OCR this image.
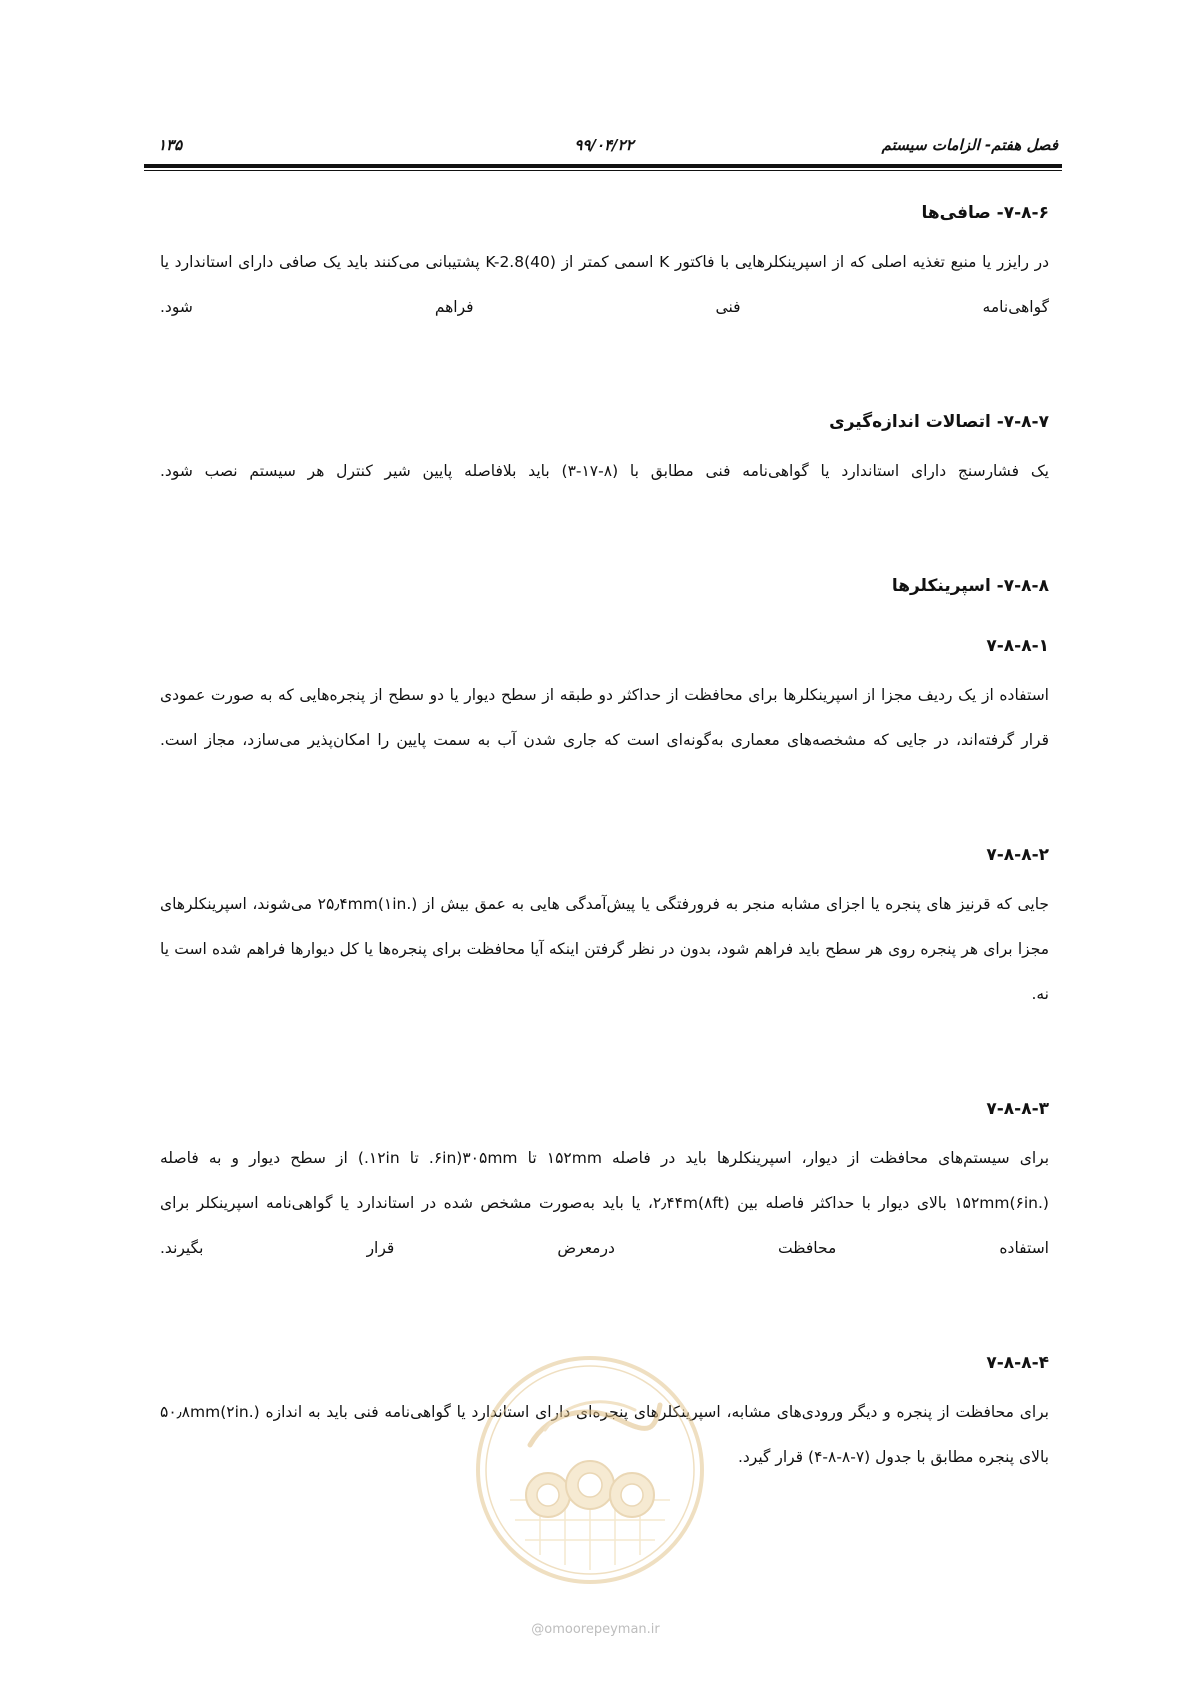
فصل هفتم- الزامات سیستم
۹۹/۰۴/۲۲
۱۳۵
۷-۸-۶- صافی‌ها

در رایزر یا منبع تغذیه اصلی که از اسپرینکلرهایی با فاکتور K اسمی کمتر از K-2.8(40) پشتیبانی می‌کنند باید یک صافی دارای استاندارد یا گواهی‌نامه فنی فراهم شود.

۷-۸-۷- اتصالات اندازه‌گیری

یک فشارسنج دارای استاندارد یا گواهی‌نامه فنی مطابق با (۸-۱۷-۳) باید بلافاصله پایین شیر کنترل هر سیستم نصب شود.

۷-۸-۸- اسپرینکلرها
۷-۸-۸-۱

استفاده از یک ردیف مجزا از اسپرینکلرها برای محافظت از حداکثر دو طبقه از سطح دیوار یا دو سطح از پنجره‌هایی که به صورت عمودی قرار گرفته‌اند، در جایی که مشخصه‌های معماری به‌گونه‌ای است که جاری شدن آب به سمت پایین را امکان‌پذیر می‌سازد، مجاز است.

۷-۸-۸-۲

جایی که قرنیز های پنجره یا اجزای مشابه منجر به فرورفتگی یا پیش‌آمدگی هایی به عمق بیش از ۲۵٫۴mm(۱in.) می‌شوند، اسپرینکلرهای مجزا برای هر پنجره روی هر سطح باید فراهم شود، بدون در نظر گرفتن اینکه آیا محافظت برای پنجره‌ها یا کل دیوارها فراهم شده است یا نه.

۷-۸-۸-۳

برای سیستم‌های محافظت از دیوار، اسپرینکلرها باید در فاصله ۱۵۲mm تا ۳۰۵mm(۶in. تا ۱۲in.) از سطح دیوار و به فاصله ۱۵۲mm(۶in.) بالای دیوار با حداکثر فاصله بین ۲٫۴۴m(۸ft)، یا باید به‌صورت مشخص شده در استاندارد یا گواهی‌نامه اسپرینکلر برای استفاده محافظت درمعرض قرار بگیرند.

۷-۸-۸-۴

برای محافظت از پنجره و دیگر ورودی‌های مشابه، اسپرینکلرهای پنجره‌ای دارای استاندارد یا گواهی‌نامه فنی باید به اندازه ۵۰٫۸mm(۲in.) بالای پنجره مطابق با جدول (۷-۸-۸-۴) قرار گیرد.

@omoorepeyman.ir
